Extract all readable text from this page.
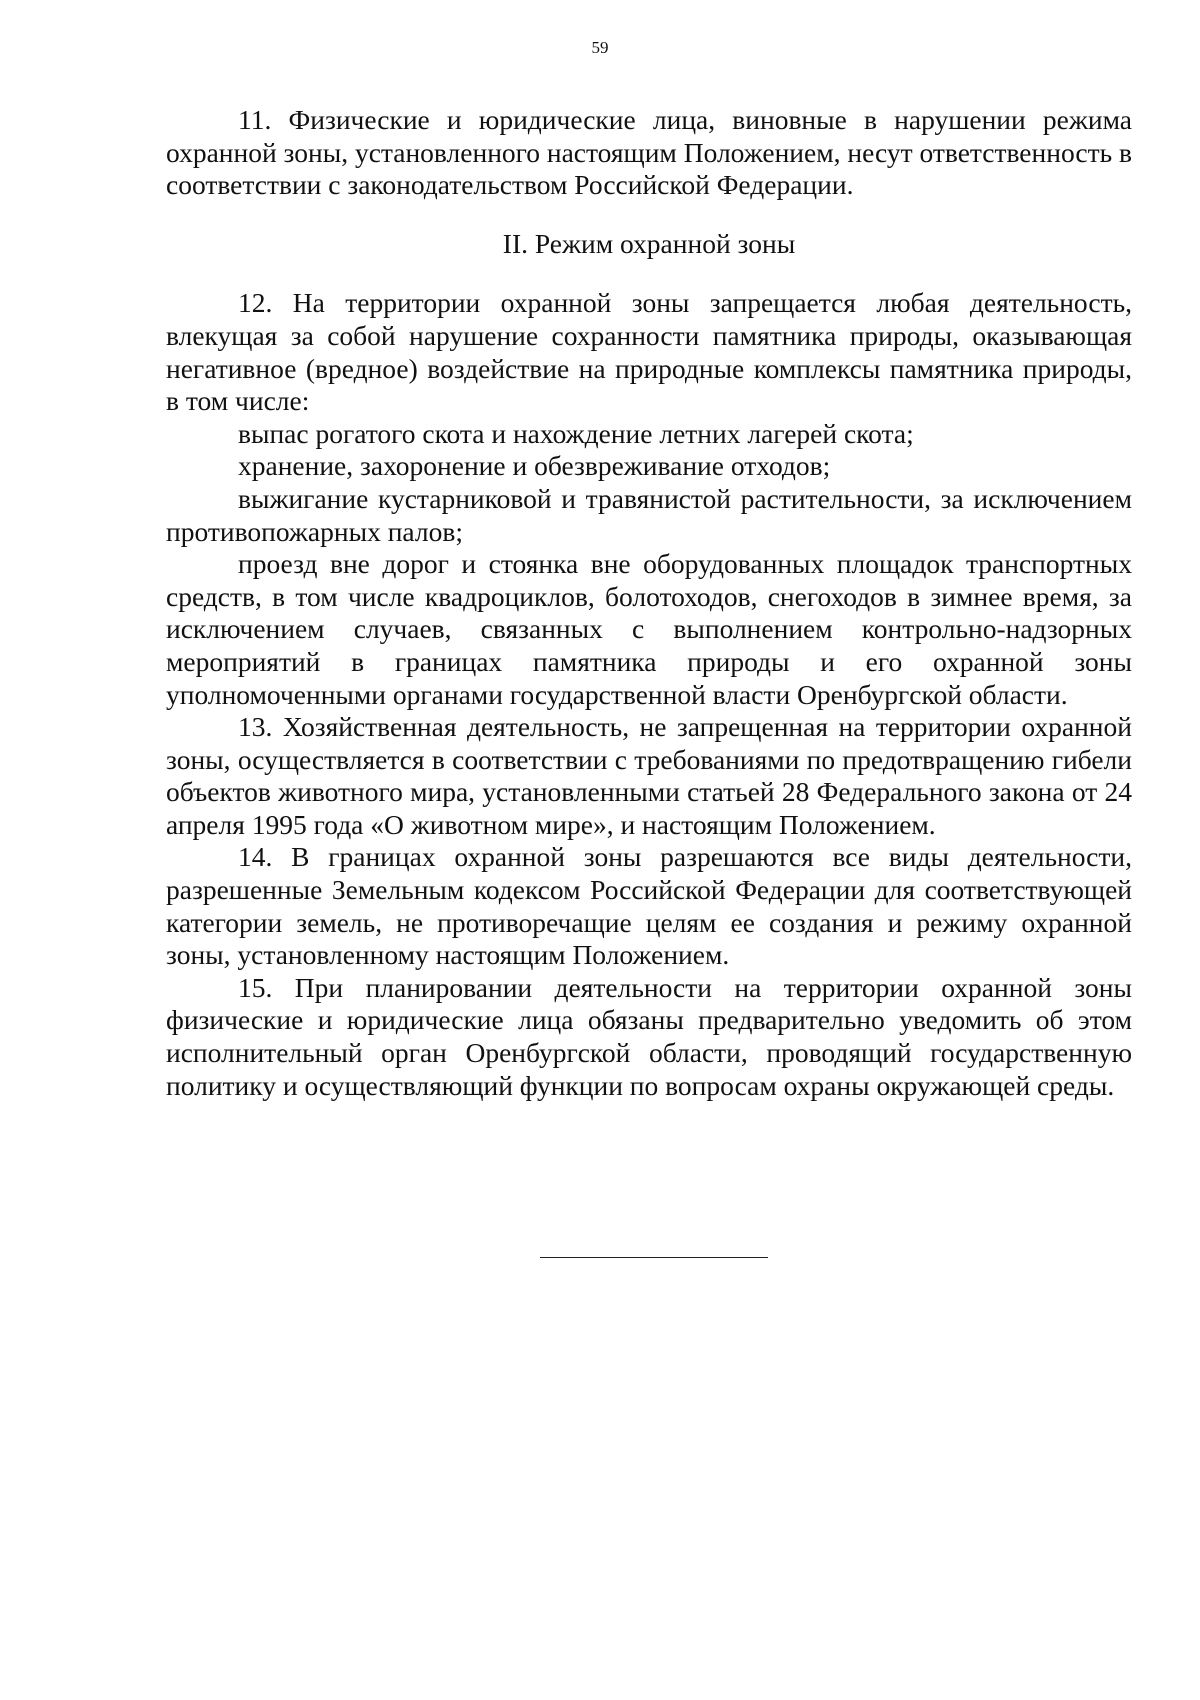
59

11. Физические и юридические лица, виновные в нарушении режима охранной зоны, установленного настоящим Положением, несут ответственность в соответствии с законодательством Российской Федерации.

II. Режим охранной зоны

12. На территории охранной зоны запрещается любая деятельность, влекущая за собой нарушение сохранности памятника природы, оказывающая негативное (вредное) воздействие на природные комплексы памятника природы, в том числе:

выпас рогатого скота и нахождение летних лагерей скота;

хранение, захоронение и обезвреживание отходов;

выжигание кустарниковой и травянистой растительности, за исключением противопожарных палов;

проезд вне дорог и стоянка вне оборудованных площадок транспортных средств, в том числе квадроциклов, болотоходов, снегоходов в зимнее время, за исключением случаев, связанных с выполнением контрольно-надзорных мероприятий в границах памятника природы и его охранной зоны уполномоченными органами государственной власти Оренбургской области.

13. Хозяйственная деятельность, не запрещенная на территории охранной зоны, осуществляется в соответствии с требованиями по предотвращению гибели объектов животного мира, установленными статьей 28 Федерального закона от 24 апреля 1995 года «О животном мире», и настоящим Положением.

14. В границах охранной зоны разрешаются все виды деятельности, разрешенные Земельным кодексом Российской Федерации для соответствующей категории земель, не противоречащие целям ее создания и режиму охранной зоны, установленному настоящим Положением.

15. При планировании деятельности на территории охранной зоны физические и юридические лица обязаны предварительно уведомить об этом исполнительный орган Оренбургской области, проводящий государственную политику и осуществляющий функции по вопросам охраны окружающей среды.
